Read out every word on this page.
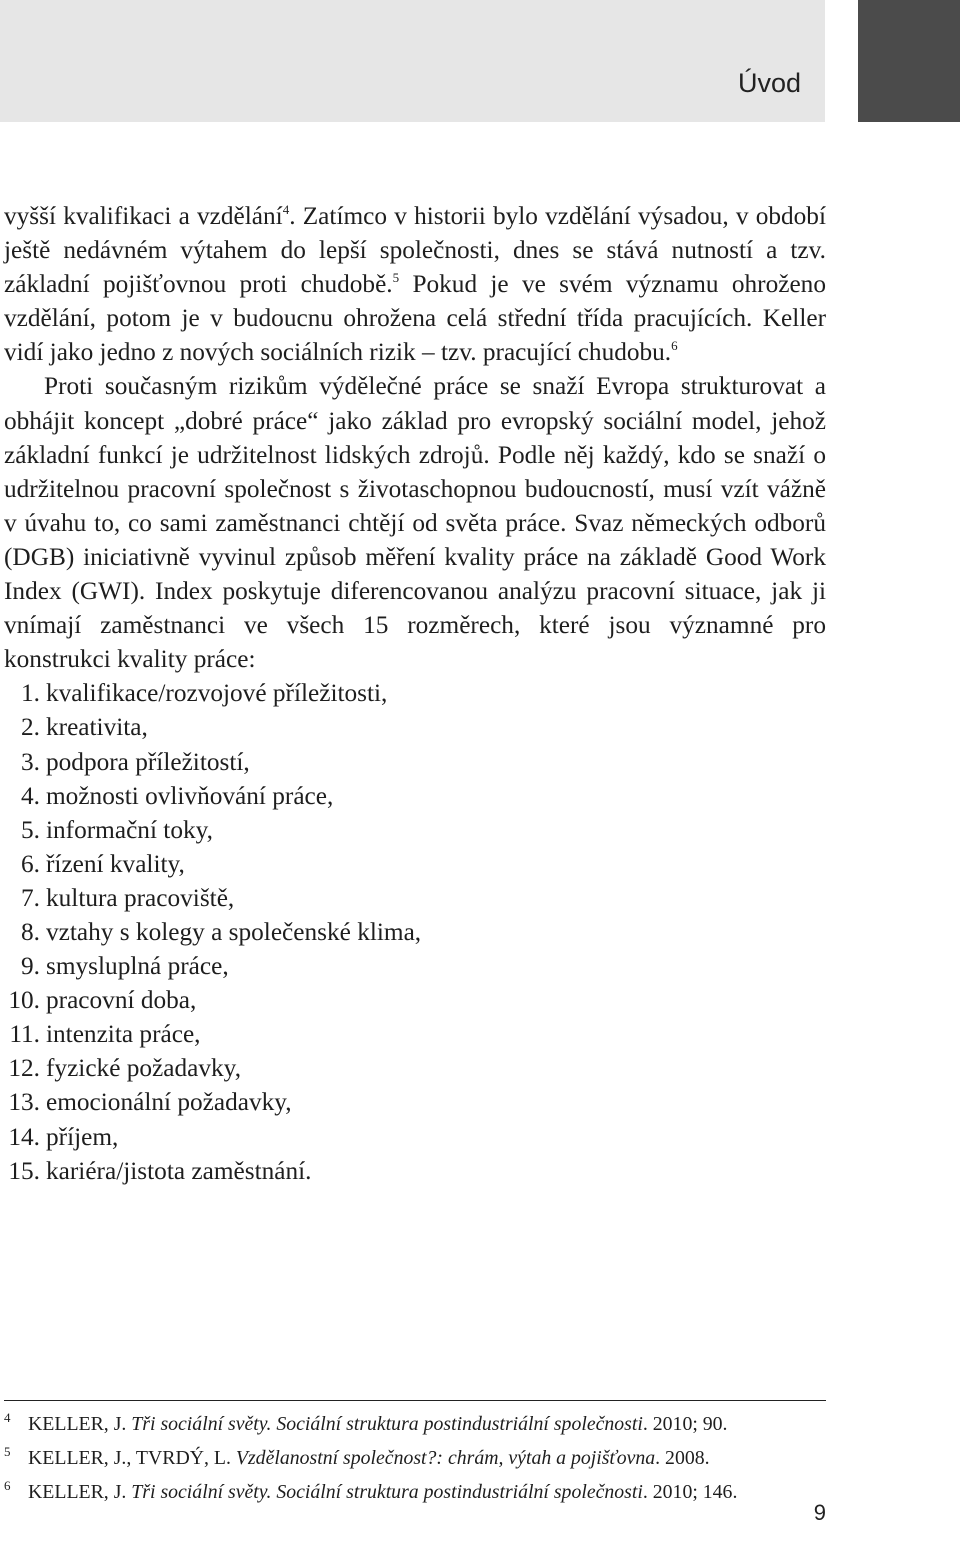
Úvod

vyšší kvalifikaci a vzdělání$^4$. Zatímco v historii bylo vzdělání výsadou, v období ještě nedávném výtahem do lepší společnosti, dnes se stává nutností a tzv. základní pojišťovnou proti chudobě.$^5$ Pokud je ve svém významu ohroženo vzdělání, potom je v budoucnu ohrožena celá střední třída pracujících. Keller vidí jako jedno z nových sociálních rizik – tzv. pracující chudobu.$^6$

Proti současným rizikům výdělečné práce se snaží Evropa strukturovat a obhájit koncept „dobré práce“ jako základ pro evropský sociální model, jehož základní funkcí je udržitelnost lidských zdrojů. Podle něj každý, kdo se snaží o udržitelnou pracovní společnost s životaschopnou budoucností, musí vzít vážně v úvahu to, co sami zaměstnanci chtějí od světa práce. Svaz německých odborů (DGB) iniciativně vyvinul způsob měření kvality práce na základě Good Work Index (GWI). Index poskytuje diferencovanou analýzu pracovní situace, jak ji vnímají zaměstnanci ve všech 15 rozměrech, které jsou významné pro konstrukci kvality práce:

1. kvalifikace/rozvojové příležitosti,
2. kreativita,
3. podpora příležitostí,
4. možnosti ovlivňování práce,
5. informační toky,
6. řízení kvality,
7. kultura pracoviště,
8. vztahy s kolegy a společenské klima,
9. smysluplná práce,
10. pracovní doba,
11. intenzita práce,
12. fyzické požadavky,
13. emocionální požadavky,
14. příjem,
15. kariéra/jistota zaměstnání.
4 KELLER, J. Tři sociální světy. Sociální struktura postindustriální společnosti. 2010; 90.
5 KELLER, J., TVRDÝ, L. Vzdělanostní společnost?: chrám, výtah a pojišťovna. 2008.
6 KELLER, J. Tři sociální světy. Sociální struktura postindustriální společnosti. 2010; 146.
9
